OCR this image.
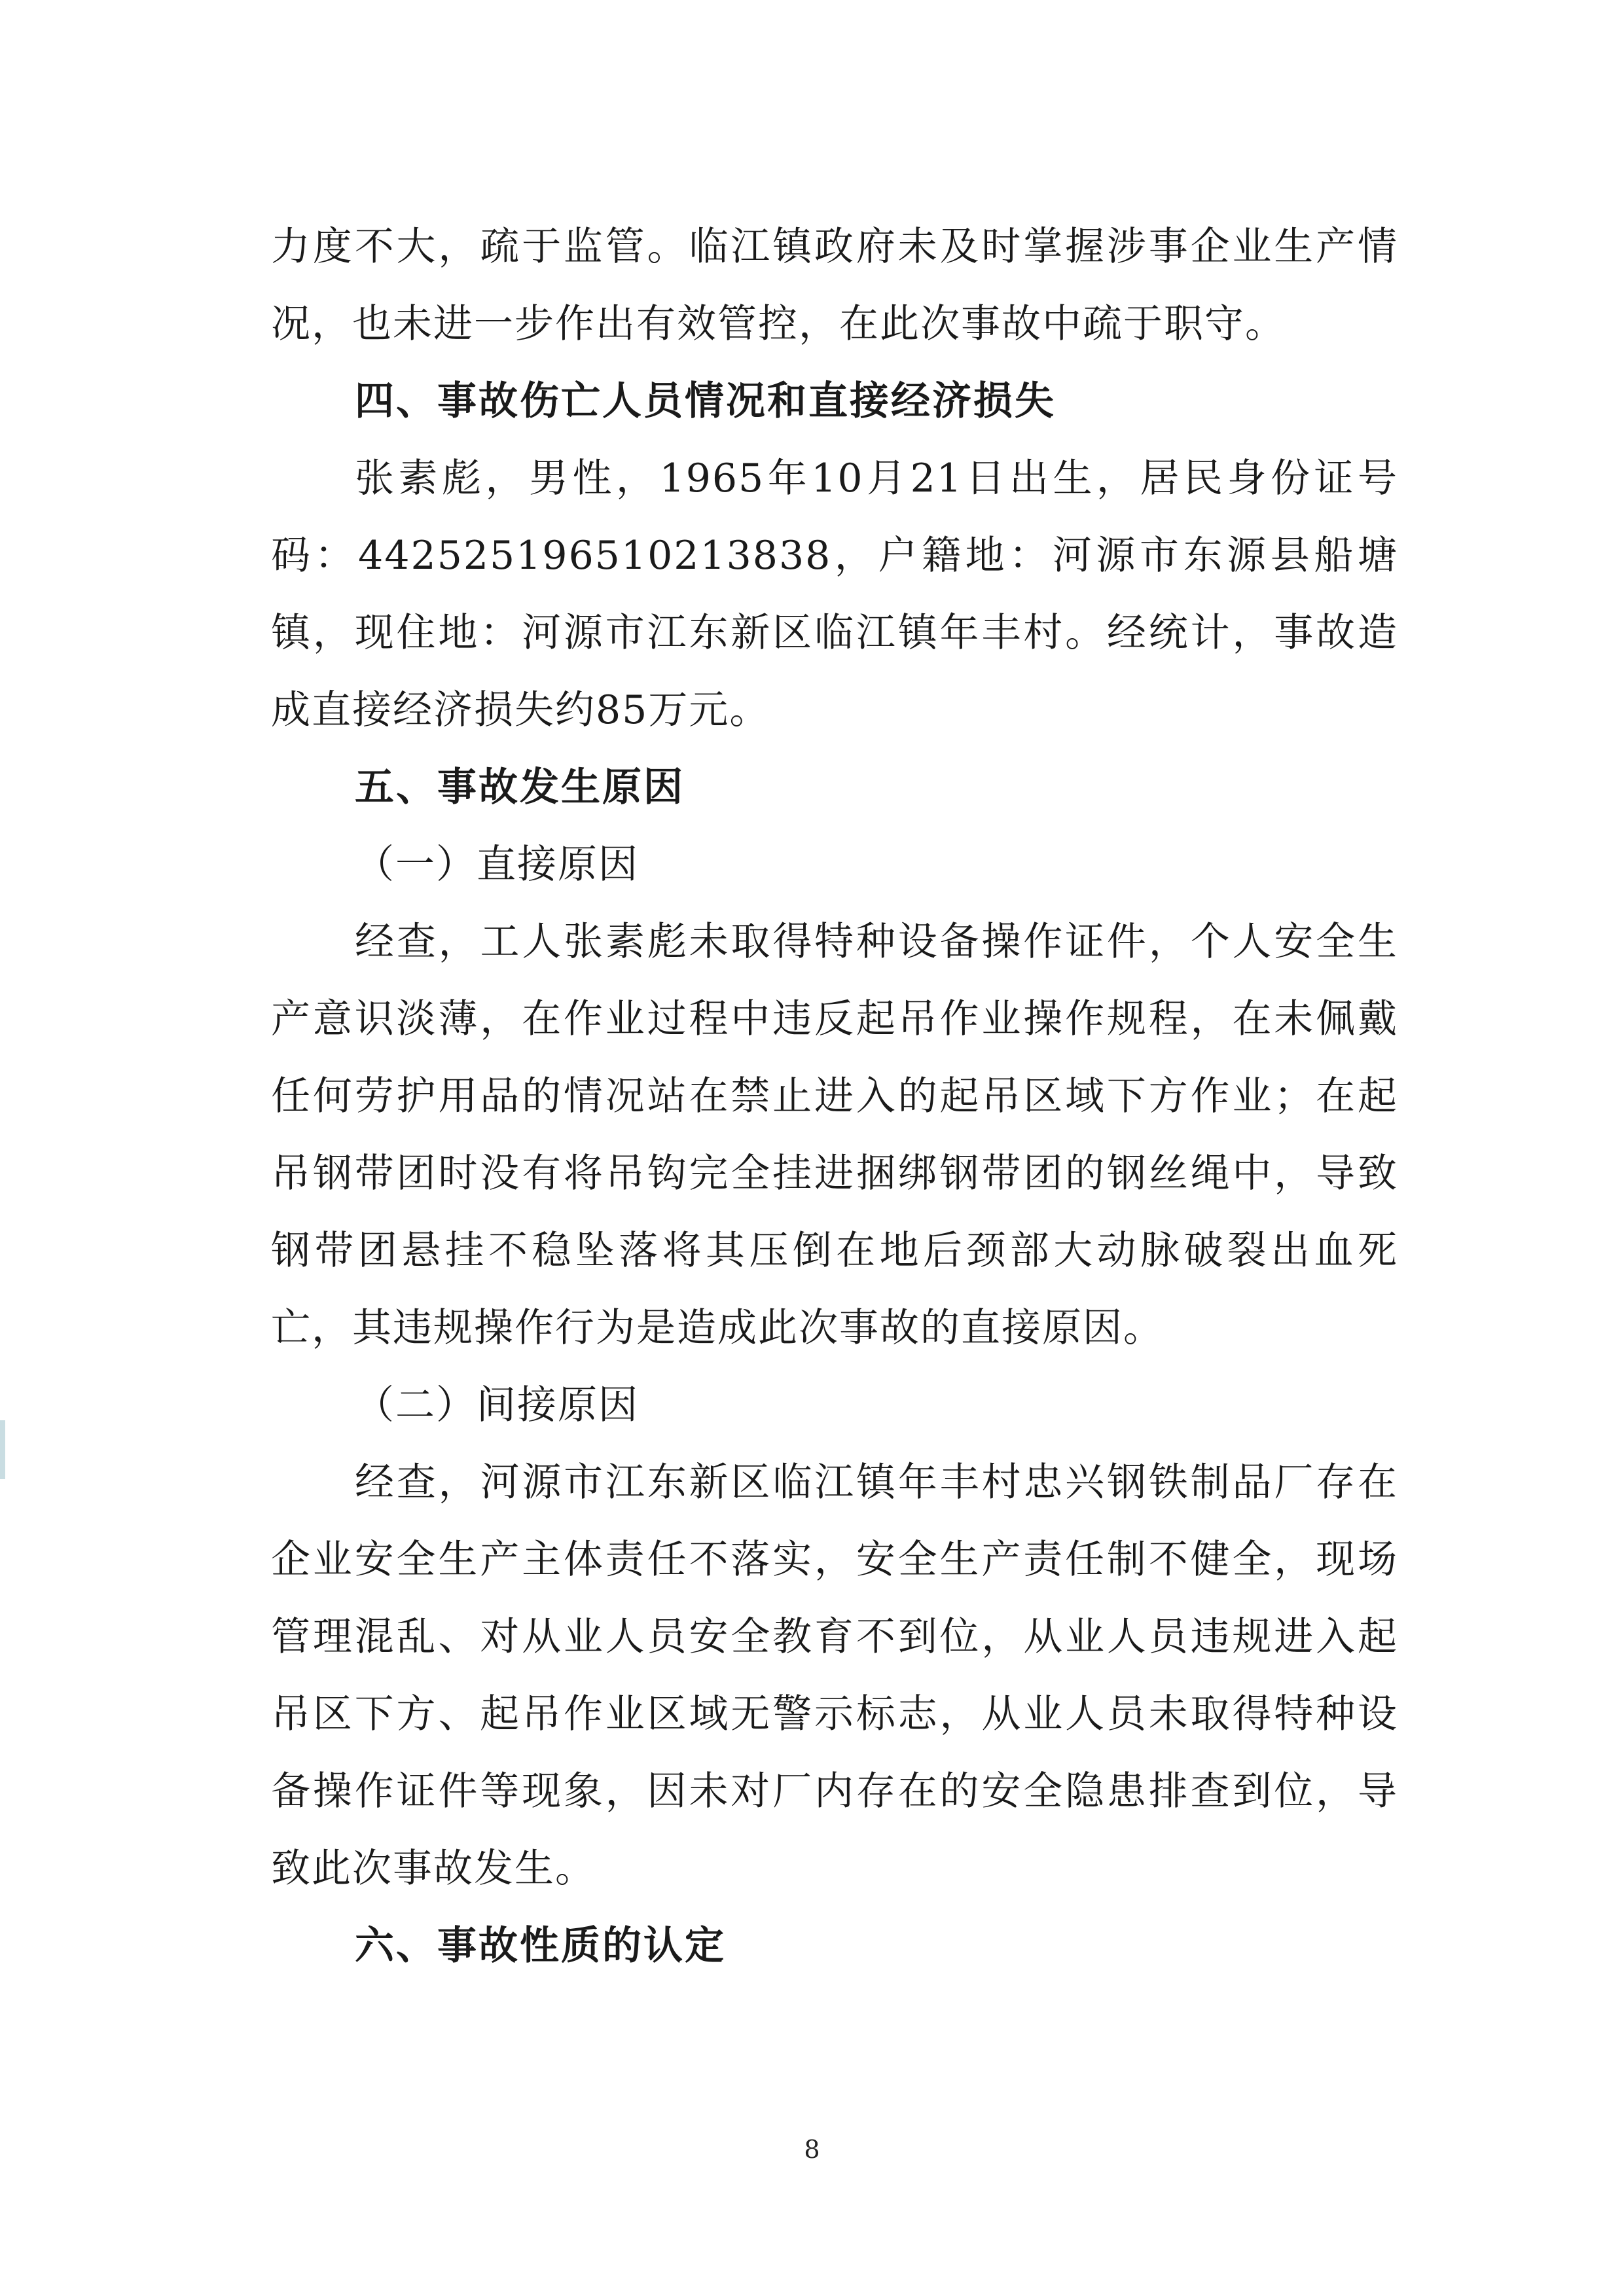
力度不大，疏于监管。临江镇政府未及时掌握涉事企业生产情况，也未进一步作出有效管控，在此次事故中疏于职守。

四、事故伤亡人员情况和直接经济损失

张素彪，男性，1965年10月21日出生，居民身份证号码：442525196510213838，户籍地：河源市东源县船塘镇，现住地：河源市江东新区临江镇年丰村。经统计，事故造成直接经济损失约85万元。

五、事故发生原因

（一）直接原因

经查，工人张素彪未取得特种设备操作证件，个人安全生产意识淡薄，在作业过程中违反起吊作业操作规程，在未佩戴任何劳护用品的情况站在禁止进入的起吊区域下方作业；在起吊钢带团时没有将吊钩完全挂进捆绑钢带团的钢丝绳中，导致钢带团悬挂不稳坠落将其压倒在地后颈部大动脉破裂出血死亡，其违规操作行为是造成此次事故的直接原因。

（二）间接原因

经查，河源市江东新区临江镇年丰村忠兴钢铁制品厂存在企业安全生产主体责任不落实，安全生产责任制不健全，现场管理混乱、对从业人员安全教育不到位，从业人员违规进入起吊区下方、起吊作业区域无警示标志，从业人员未取得特种设备操作证件等现象，因未对厂内存在的安全隐患排查到位，导致此次事故发生。

六、事故性质的认定

8
